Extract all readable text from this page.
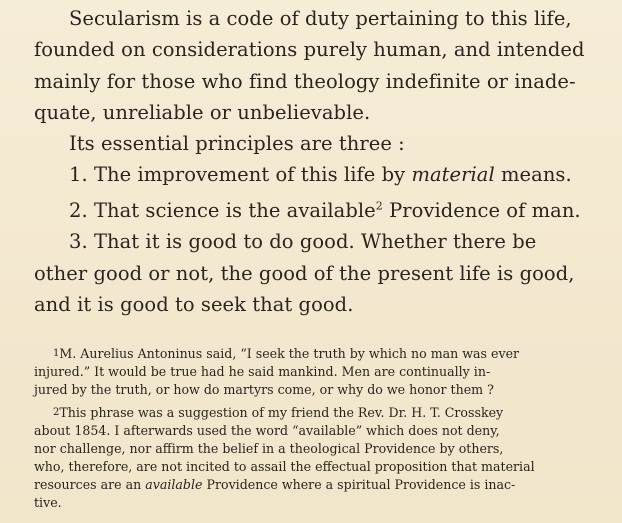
Secularism is a code of duty pertaining to this life,
founded on considerations purely human, and intended
mainly for those who find theology indefinite or inade-
quate, unreliable or unbelievable.
Its essential principles are three :
1. The improvement of this life by material means.
2. That science is the available$^2$ Providence of man.
3. That it is good to do good. Whether there be
other good or not, the good of the present life is good,
and it is good to seek that good.
1M. Aurelius Antoninus said, “I seek the truth by which no man was ever
injured.” It would be true had he said mankind. Men are continually in-
jured by the truth, or how do martyrs come, or why do we honor them ?
2This phrase was a suggestion of my friend the Rev. Dr. H. T. Crosskey
about 1854. I afterwards used the word “available” which does not deny,
nor challenge, nor affirm the belief in a theological Providence by others,
who, therefore, are not incited to assail the effectual proposition that material
resources are an available Providence where a spiritual Providence is inac-
tive.
